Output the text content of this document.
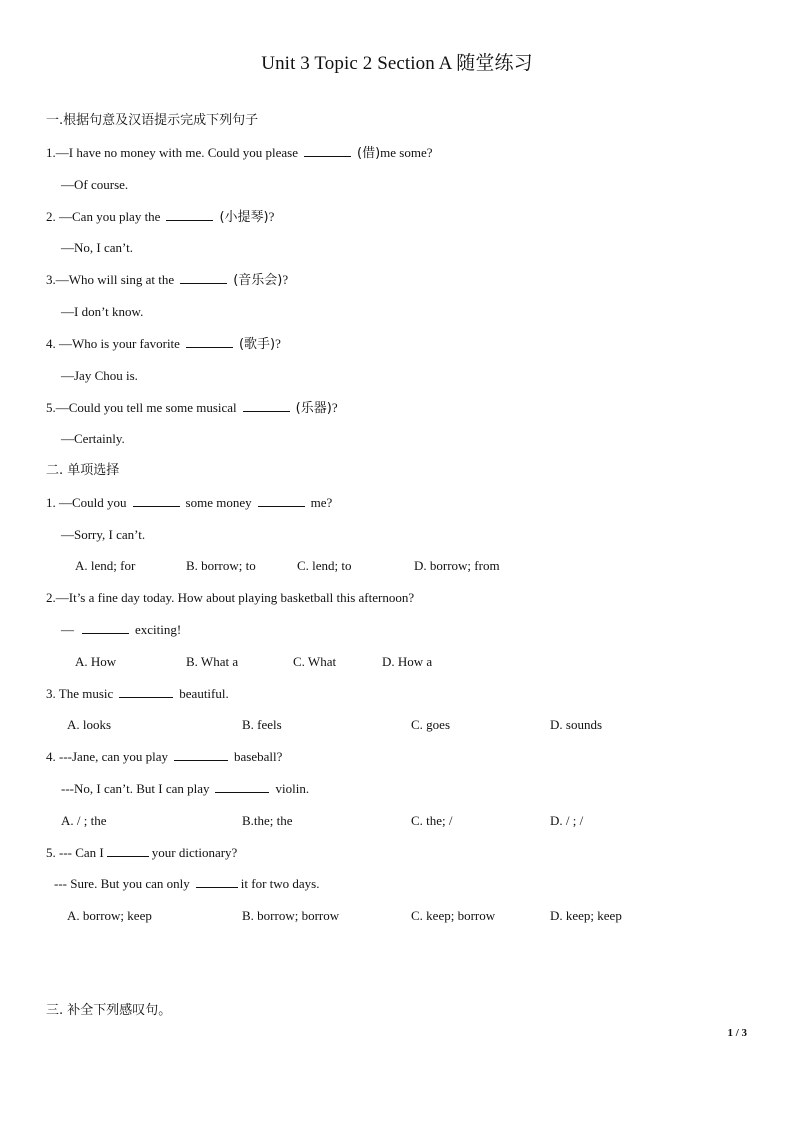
Unit 3 Topic 2 Section A 随堂练习
一.根据句意及汉语提示完成下列句子
1.—I have no money with me. Could you please	(借)me some?
—Of course.
2. —Can you play the	(小提琴)?
—No, I can’t.
3.—Who will sing at the	(音乐会)?
—I don’t know.
4. —Who is your favorite	(歌手)?
—Jay Chou is.
5.—Could you tell me some musical	(乐器)?
—Certainly.
二. 单项选择
1. —Could you	some money	me?
—Sorry, I can’t.
A. lend; for	B. borrow; to	C. lend; to	D. borrow; from
2.—It’s a fine day today. How about playing basketball this afternoon?
—	exciting!
A. How	B. What a	C. What	D. How a
3. The music	beautiful.
A. looks	B. feels	C. goes	D. sounds
4. ---Jane, can you play	baseball?
---No, I can’t. But I can play	violin.
A. / ; the	B.the; the	C. the; /	D. / ; /
5. --- Can I	your dictionary?
--- Sure. But you can only	it for two days.
A. borrow; keep	B. borrow; borrow	C. keep; borrow	D. keep; keep
三. 补全下列感叹句。
1 / 3
